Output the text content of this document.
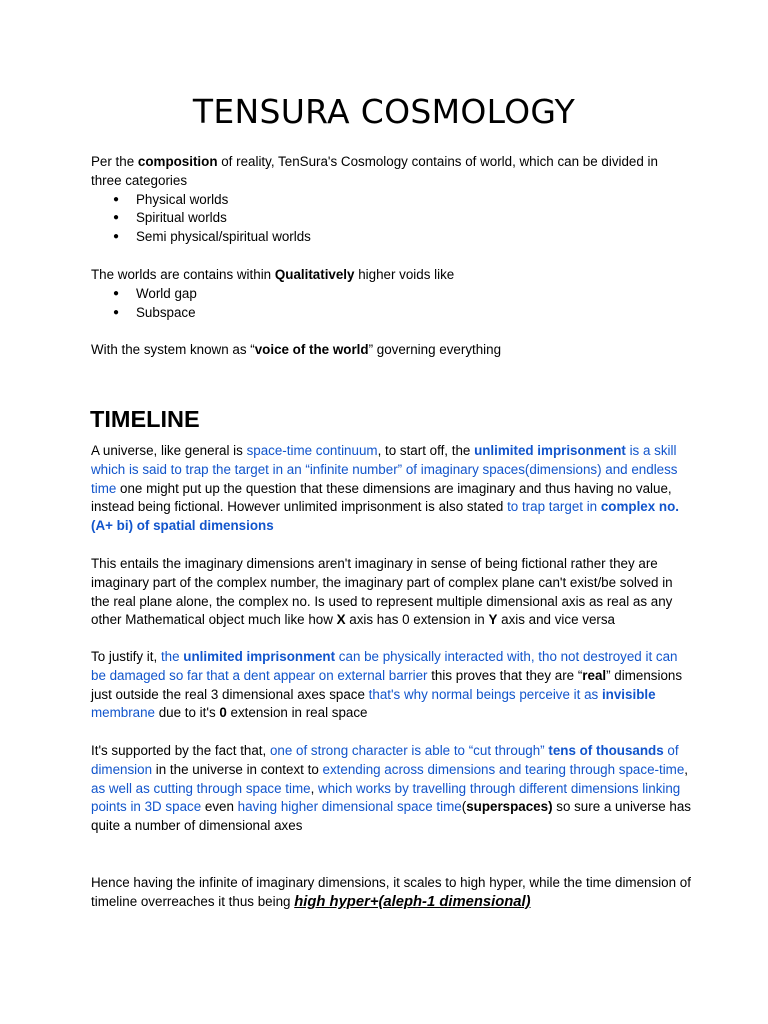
TENSURA COSMOLOGY

Per the composition of reality, TenSura's Cosmology contains of world, which can be divided in three categories

● Physical worlds
● Spiritual worlds
● Semi physical/spiritual worlds

The worlds are contains within Qualitatively higher voids like

● World gap
● Subspace

With the system known as “voice of the world” governing everything

TIMELINE

A universe, like general is space-time continuum, to start off, the unlimited imprisonment is a skill which is said to trap the target in an “infinite number” of imaginary spaces(dimensions) and endless time one might put up the question that these dimensions are imaginary and thus having no value, instead being fictional. However unlimited imprisonment is also stated to trap target in complex no.(A+ bi) of spatial dimensions

This entails the imaginary dimensions aren't imaginary in sense of being fictional rather they are imaginary part of the complex number, the imaginary part of complex plane can't exist/be solved in the real plane alone, the complex no. Is used to represent multiple dimensional axis as real as any other Mathematical object much like how X axis has 0 extension in Y axis and vice versa

To justify it, the unlimited imprisonment can be physically interacted with, tho not destroyed it can be damaged so far that a dent appear on external barrier this proves that they are “real” dimensions just outside the real 3 dimensional axes space that's why normal beings perceive it as invisible membrane due to it's 0 extension in real space

It's supported by the fact that, one of strong character is able to “cut through” tens of thousands of dimension in the universe in context to extending across dimensions and tearing through space-time, as well as cutting through space time, which works by travelling through different dimensions linking points in 3D space even having higher dimensional space time(superspaces) so sure a universe has quite a number of dimensional axes

Hence having the infinite of imaginary dimensions, it scales to high hyper, while the time dimension of timeline overreaches it thus being high hyper+(aleph-1 dimensional)
